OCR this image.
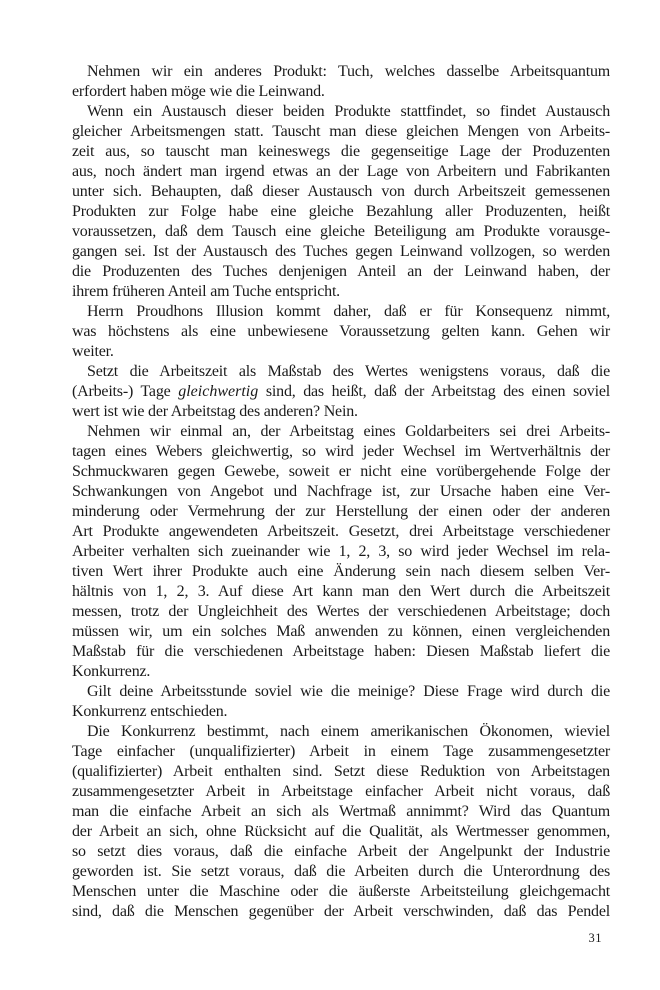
Nehmen wir ein anderes Produkt: Tuch, welches dasselbe Arbeitsquantum
erfordert haben möge wie die Leinwand.
Wenn ein Austausch dieser beiden Produkte stattfindet, so findet Austausch
gleicher Arbeitsmengen statt. Tauscht man diese gleichen Mengen von Arbeits-
zeit aus, so tauscht man keineswegs die gegenseitige Lage der Produzenten
aus, noch ändert man irgend etwas an der Lage von Arbeitern und Fabrikanten
unter sich. Behaupten, daß dieser Austausch von durch Arbeitszeit gemessenen
Produkten zur Folge habe eine gleiche Bezahlung aller Produzenten, heißt
voraussetzen, daß dem Tausch eine gleiche Beteiligung am Produkte vorausge-
gangen sei. Ist der Austausch des Tuches gegen Leinwand vollzogen, so werden
die Produzenten des Tuches denjenigen Anteil an der Leinwand haben, der
ihrem früheren Anteil am Tuche entspricht.
Herrn Proudhons Illusion kommt daher, daß er für Konsequenz nimmt,
was höchstens als eine unbewiesene Voraussetzung gelten kann. Gehen wir
weiter.
Setzt die Arbeitszeit als Maßstab des Wertes wenigstens voraus, daß die
(Arbeits-) Tage gleichwertig sind, das heißt, daß der Arbeitstag des einen soviel
wert ist wie der Arbeitstag des anderen? Nein.
Nehmen wir einmal an, der Arbeitstag eines Goldarbeiters sei drei Arbeits-
tagen eines Webers gleichwertig, so wird jeder Wechsel im Wertverhältnis der
Schmuckwaren gegen Gewebe, soweit er nicht eine vorübergehende Folge der
Schwankungen von Angebot und Nachfrage ist, zur Ursache haben eine Ver-
minderung oder Vermehrung der zur Herstellung der einen oder der anderen
Art Produkte angewendeten Arbeitszeit. Gesetzt, drei Arbeitstage verschiedener
Arbeiter verhalten sich zueinander wie 1, 2, 3, so wird jeder Wechsel im rela-
tiven Wert ihrer Produkte auch eine Änderung sein nach diesem selben Ver-
hältnis von 1, 2, 3. Auf diese Art kann man den Wert durch die Arbeitszeit
messen, trotz der Ungleichheit des Wertes der verschiedenen Arbeitstage; doch
müssen wir, um ein solches Maß anwenden zu können, einen vergleichenden
Maßstab für die verschiedenen Arbeitstage haben: Diesen Maßstab liefert die
Konkurrenz.
Gilt deine Arbeitsstunde soviel wie die meinige? Diese Frage wird durch die
Konkurrenz entschieden.
Die Konkurrenz bestimmt, nach einem amerikanischen Ökonomen, wieviel
Tage einfacher (unqualifizierter) Arbeit in einem Tage zusammengesetzter
(qualifizierter) Arbeit enthalten sind. Setzt diese Reduktion von Arbeitstagen
zusammengesetzter Arbeit in Arbeitstage einfacher Arbeit nicht voraus, daß
man die einfache Arbeit an sich als Wertmaß annimmt? Wird das Quantum
der Arbeit an sich, ohne Rücksicht auf die Qualität, als Wertmesser genommen,
so setzt dies voraus, daß die einfache Arbeit der Angelpunkt der Industrie
geworden ist. Sie setzt voraus, daß die Arbeiten durch die Unterordnung des
Menschen unter die Maschine oder die äußerste Arbeitsteilung gleichgemacht
sind, daß die Menschen gegenüber der Arbeit verschwinden, daß das Pendel
31
